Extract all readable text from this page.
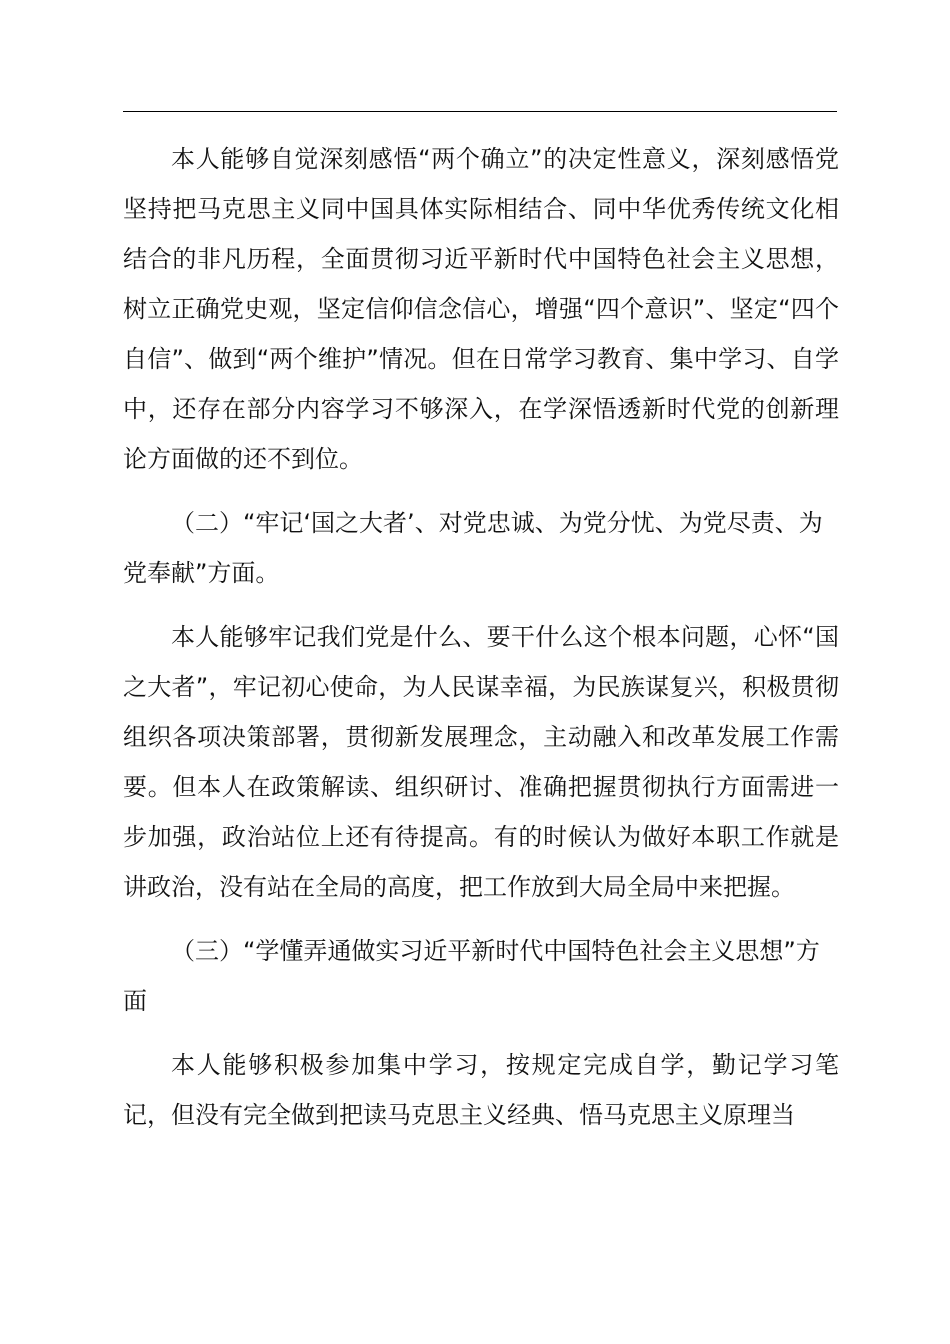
本人能够自觉深刻感悟“两个确立”的决定性意义，深刻感悟党坚持把马克思主义同中国具体实际相结合、同中华优秀传统文化相结合的非凡历程，全面贯彻习近平新时代中国特色社会主义思想，树立正确党史观，坚定信仰信念信心，增强“四个意识”、坚定“四个自信”、做到“两个维护”情况。但在日常学习教育、集中学习、自学中，还存在部分内容学习不够深入，在学深悟透新时代党的创新理论方面做的还不到位。

（二）“牢记‘国之大者’、对党忠诚、为党分忧、为党尽责、为党奉献”方面。

本人能够牢记我们党是什么、要干什么这个根本问题，心怀“国之大者”，牢记初心使命，为人民谋幸福，为民族谋复兴，积极贯彻组织各项决策部署，贯彻新发展理念，主动融入和改革发展工作需要。但本人在政策解读、组织研讨、准确把握贯彻执行方面需进一步加强，政治站位上还有待提高。有的时候认为做好本职工作就是讲政治，没有站在全局的高度，把工作放到大局全局中来把握。

（三）“学懂弄通做实习近平新时代中国特色社会主义思想”方面

本人能够积极参加集中学习，按规定完成自学，勤记学习笔记，但没有完全做到把读马克思主义经典、悟马克思主义原理当
